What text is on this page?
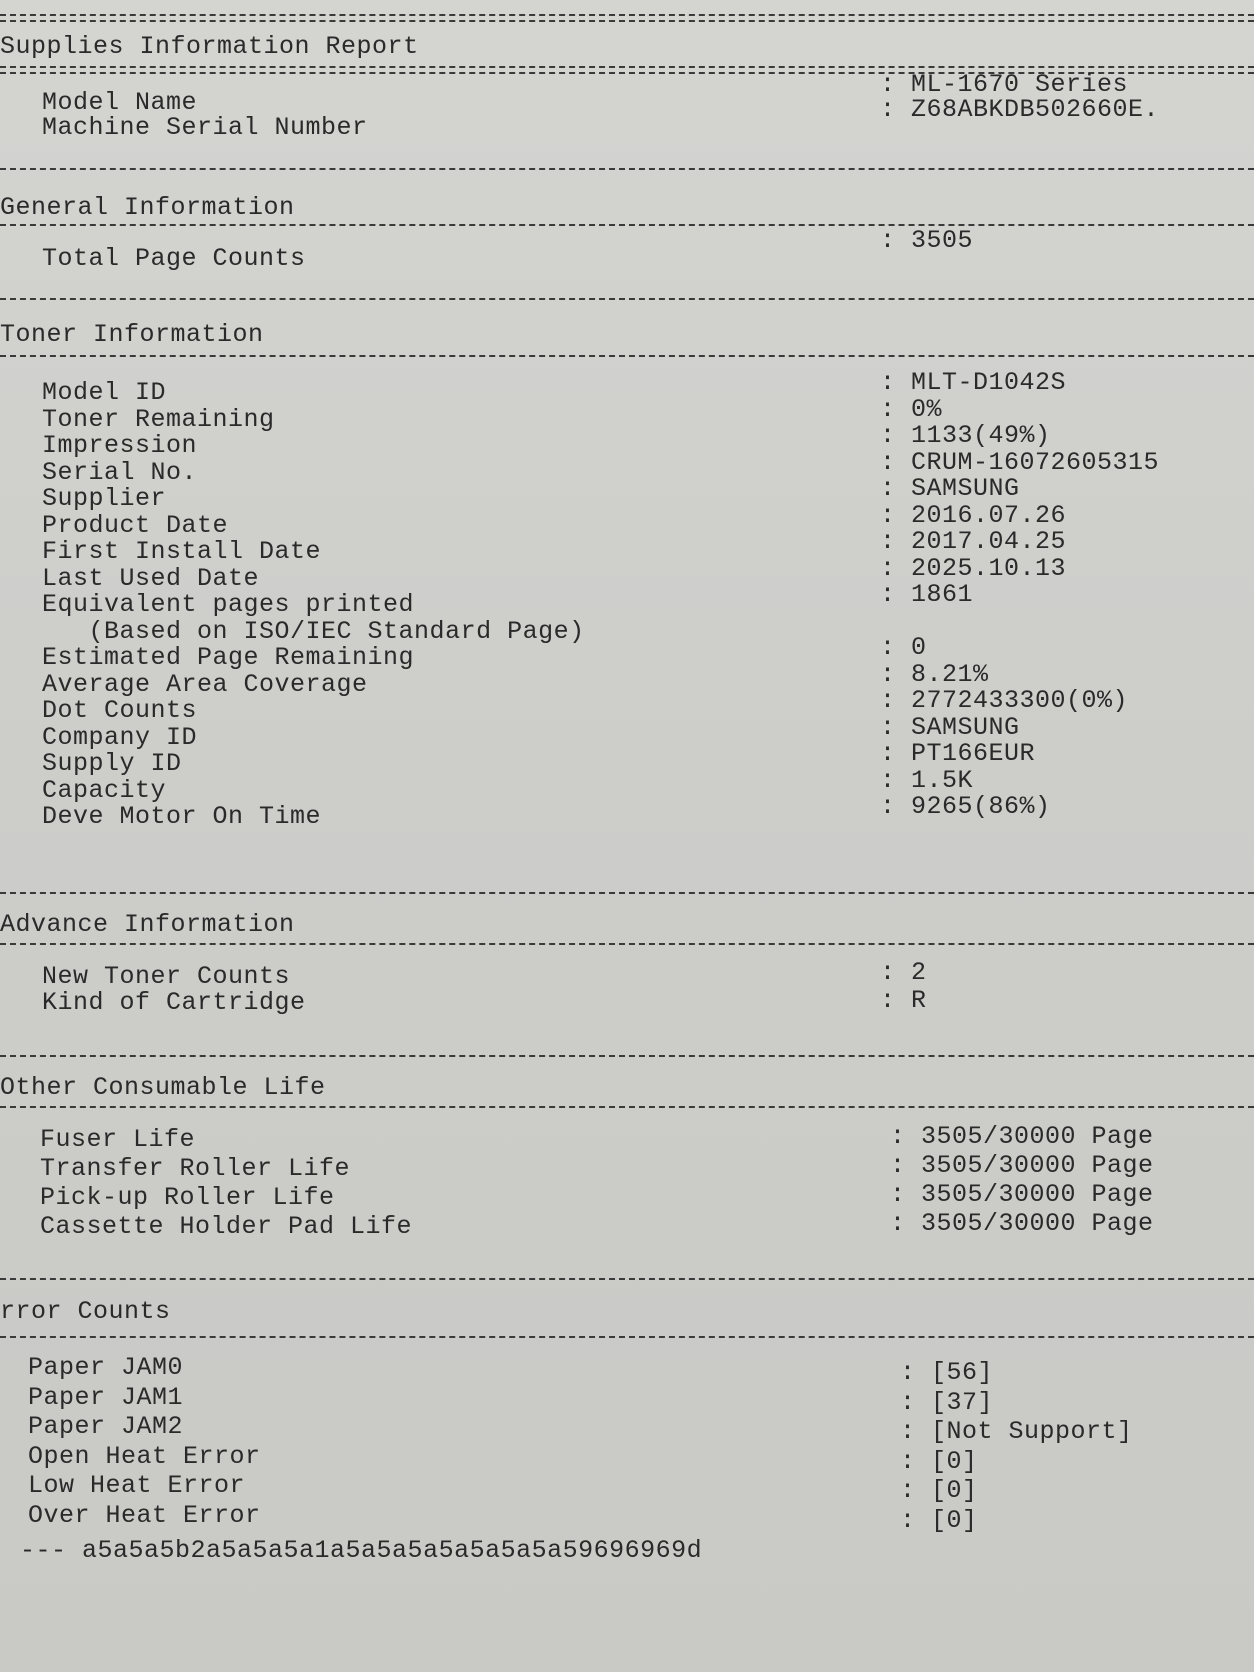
Supplies Information Report
Model Name
: ML-1670 Series
Machine Serial Number
: Z68ABKDB502660E.
General Information
Total Page Counts
: 3505
Toner Information
Model ID	: MLT-D1042S
Toner Remaining	: 0%
Impression	: 1133(49%)
Serial No.	: CRUM-16072605315
Supplier	: SAMSUNG
Product Date	: 2016.07.26
First Install Date	: 2017.04.25
Last Used Date	: 2025.10.13
Equivalent pages printed	: 1861
(Based on ISO/IEC Standard Page)
Estimated Page Remaining	: 0
Average Area Coverage	: 8.21%
Dot Counts	: 2772433300(0%)
Company ID	: SAMSUNG
Supply ID	: PT166EUR
Capacity	: 1.5K
Deve Motor On Time	: 9265(86%)
Advance Information
New Toner Counts	: 2
Kind of Cartridge	: R
Other Consumable Life
Fuser Life	: 3505/30000 Page
Transfer Roller Life	: 3505/30000 Page
Pick-up Roller Life	: 3505/30000 Page
Cassette Holder Pad Life	: 3505/30000 Page
rror Counts
Paper JAM0	: [56]
Paper JAM1	: [37]
Paper JAM2	: [Not Support]
Open Heat Error	: [0]
Low Heat Error	: [0]
Over Heat Error	: [0]
--- a5a5a5b2a5a5a5a1a5a5a5a5a5a5a5a59696969d
